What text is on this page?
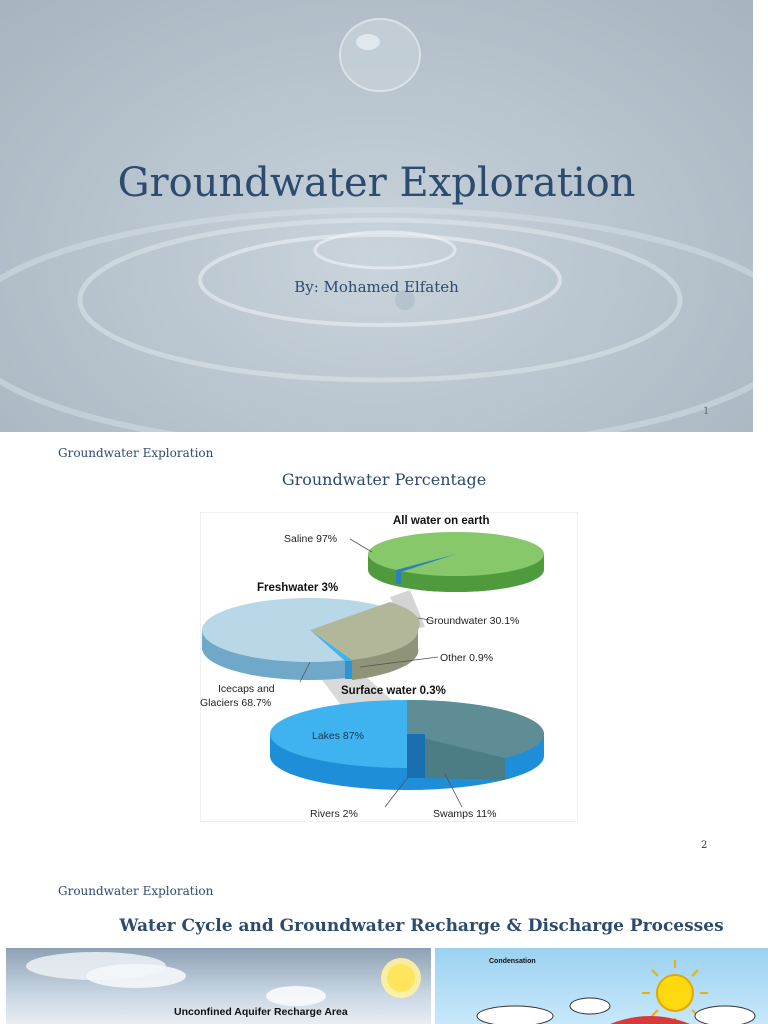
Groundwater Exploration
By: Mohamed Elfateh
1
Groundwater Exploration
Groundwater Percentage
All water on earth
Saline 97%
Freshwater 3%
Groundwater 30.1%
Other 0.9%
Icecaps and
Glaciers 68.7%
Surface water 0.3%
Lakes 87%
Rivers 2%	Swamps 11%
2
Groundwater Exploration
Water Cycle and Groundwater Recharge & Discharge Processes
Unconfined Aquifer Recharge Area
Condensation
